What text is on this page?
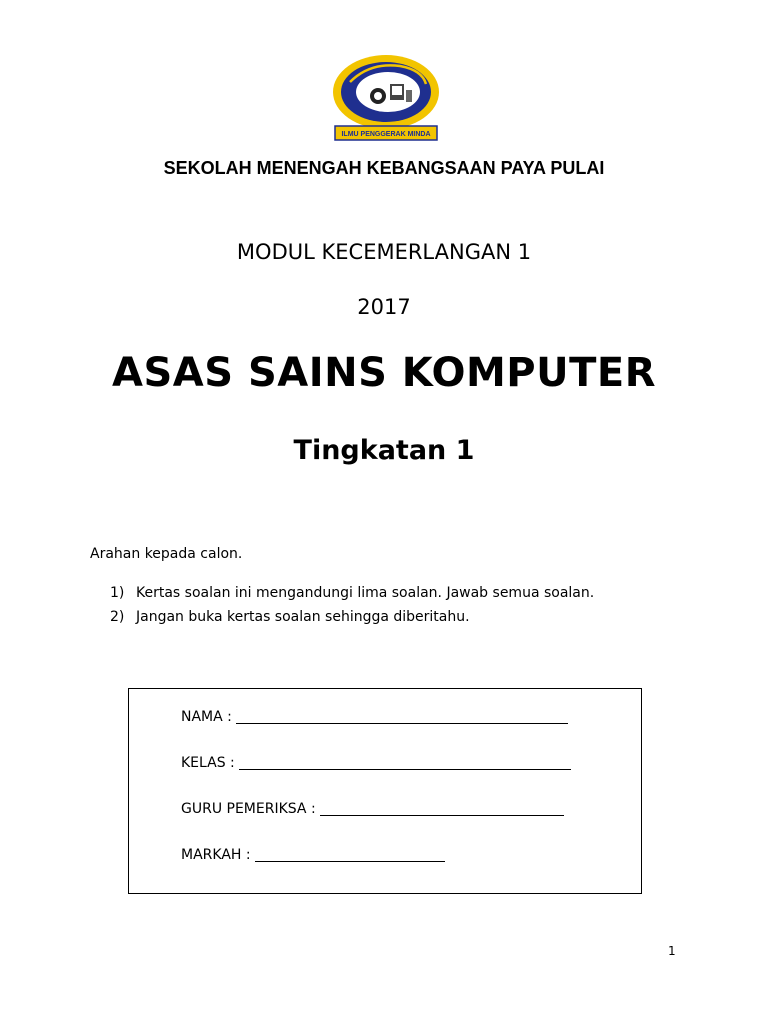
ILMU PENGGERAK MINDA
SEKOLAH MENENGAH KEBANGSAAN PAYA PULAI
MODUL KECEMERLANGAN 1
2017
ASAS SAINS KOMPUTER
Tingkatan 1
Arahan kepada calon.
1) Kertas soalan ini mengandungi lima soalan. Jawab semua soalan.
2) Jangan buka kertas soalan sehingga diberitahu.
NAMA :
KELAS :
GURU PEMERIKSA :
MARKAH :
1
